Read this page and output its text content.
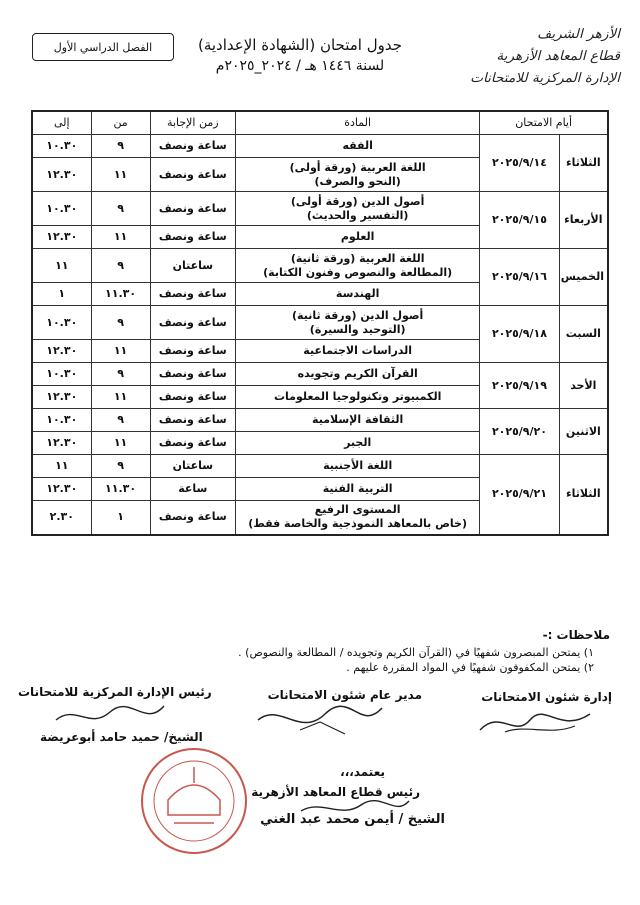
الأزهر الشريف
قطاع المعاهد الأزهرية
الإدارة المركزية للامتحانات
جدول امتحان (الشهادة الإعدادية)
لسنة ١٤٤٦ هـ / ٢٠٢٤_٢٠٢٥م
الفصل الدراسي الأول
أيام الامتحان		المادة	زمن الإجابة	من	إلى
الثلاثاء	٢٠٢٥/٩/١٤	الفقه	ساعة ونصف	٩	١٠.٣٠
		اللغة العربية (ورقة أولى)
(النحو والصرف)	ساعة ونصف	١١	١٢.٣٠
الأربعاء	٢٠٢٥/٩/١٥	أصول الدين (ورقة أولى)
(التفسير والحديث)	ساعة ونصف	٩	١٠.٣٠
		العلوم	ساعة ونصف	١١	١٢.٣٠
الخميس	٢٠٢٥/٩/١٦	اللغة العربية (ورقة ثانية)
(المطالعة والنصوص وفنون الكتابة)	ساعتان	٩	١١
		الهندسة	ساعة ونصف	١١.٣٠	١
السبت	٢٠٢٥/٩/١٨	أصول الدين (ورقة ثانية)
(التوحيد والسيرة)	ساعة ونصف	٩	١٠.٣٠
		الدراسات الاجتماعية	ساعة ونصف	١١	١٢.٣٠
الأحد	٢٠٢٥/٩/١٩	القرآن الكريم وتجويده	ساعة ونصف	٩	١٠.٣٠
		الكمبيوتر وتكنولوجيا المعلومات	ساعة ونصف	١١	١٢.٣٠
الاثنين	٢٠٢٥/٩/٢٠	الثقافة الإسلامية	ساعة ونصف	٩	١٠.٣٠
		الجبر	ساعة ونصف	١١	١٢.٣٠
الثلاثاء	٢٠٢٥/٩/٢١	اللغة الأجنبية	ساعتان	٩	١١
		التربية الفنية	ساعة	١١.٣٠	١٢.٣٠
		المستوى الرفيع
(خاص بالمعاهد النموذجية والخاصة فقط)	ساعة ونصف	١	٢.٣٠
ملاحظات :-
١) يمتحن المبصرون شفهيًا في (القرآن الكريم وتجويده / المطالعة والنصوص) .
٢) يمتحن المكفوفون شفهيًا في المواد المقررة عليهم .
إدارة شئون الامتحانات
مدير عام شئون الامتحانات
رئيس الإدارة المركزية للامتحانات
الشيخ/ حميد حامد أبوعريضة
يعتمد،،،
رئيس قطاع المعاهد الأزهرية
الشيخ / أيمن محمد عبد الغني
